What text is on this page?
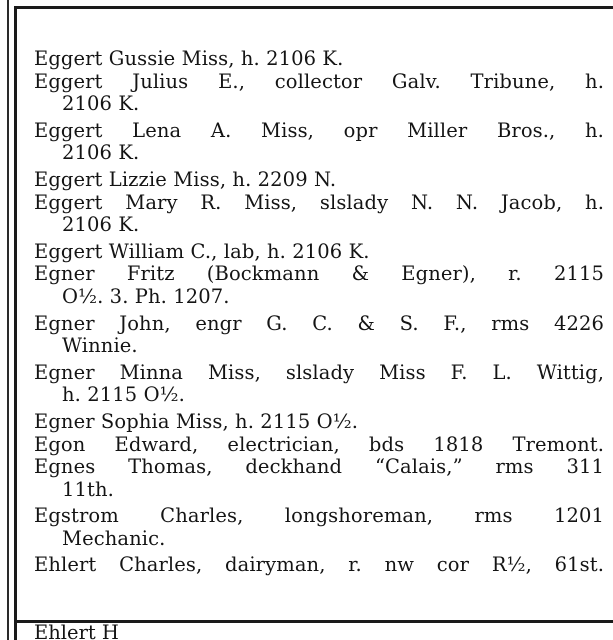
Eggert Gussie Miss, h. 2106 K.

Eggert Julius E., collector Galv. Tribune, h.
2106 K.

Eggert Lena A. Miss, opr Miller Bros., h.
2106 K.

Eggert Lizzie Miss, h. 2209 N.

Eggert Mary R. Miss, slslady N. N. Jacob, h.
2106 K.

Eggert William C., lab, h. 2106 K.

Egner Fritz (Bockmann & Egner), r. 2115
O½. 3. Ph. 1207.

Egner John, engr G. C. & S. F., rms 4226
Winnie.

Egner Minna Miss, slslady Miss F. L. Wittig,
h. 2115 O½.

Egner Sophia Miss, h. 2115 O½.

Egon Edward, electrician, bds 1818 Tremont.

Egnes Thomas, deckhand “Calais,” rms 311
11th.

Egstrom Charles, longshoreman, rms 1201
Mechanic.

Ehlert Charles, dairyman, r. nw cor R½, 61st.

Ehlert H
